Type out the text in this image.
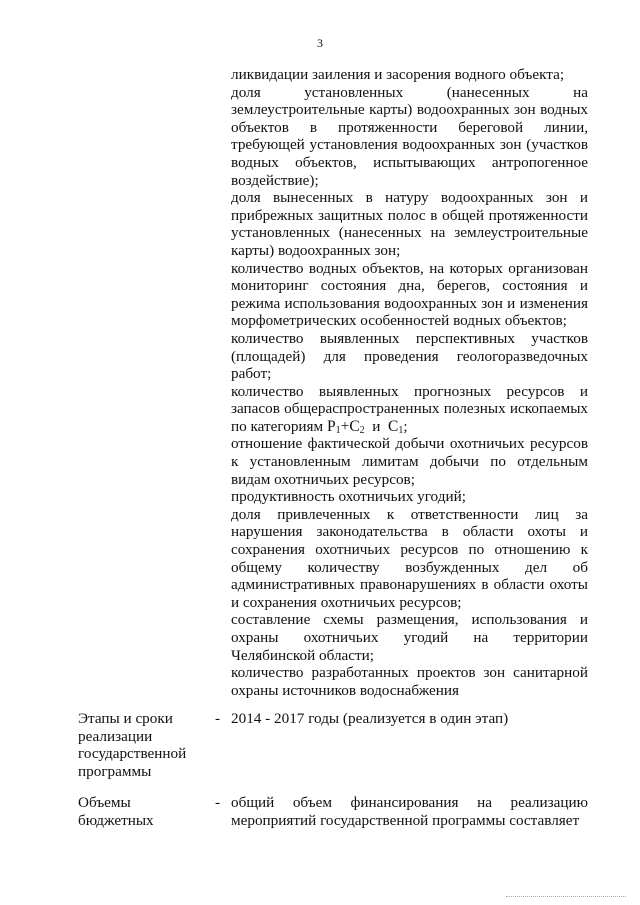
3

ликвидации заиления и засорения водного объекта;

доля установленных (нанесенных на землеустроительные карты) водоохранных зон водных объектов в протяженности береговой линии, требующей установления водоохранных зон (участков водных объектов, испытывающих антропогенное воздействие);

доля вынесенных в натуру водоохранных зон и прибрежных защитных полос в общей протяженности установленных (нанесенных на землеустроительные карты) водоохранных зон;

количество водных объектов, на которых организован мониторинг состояния дна, берегов, состояния и режима использования водоохранных зон и изменения морфометрических особенностей водных объектов;

количество выявленных перспективных участков (площадей) для проведения геологоразведочных работ;

количество выявленных прогнозных ресурсов и запасов общераспространенных полезных ископаемых по категориям $P_1+C_2$ и $C_1$;

отношение фактической добычи охотничьих ресурсов к установленным лимитам добычи по отдельным видам охотничьих ресурсов;

продуктивность охотничьих угодий;

доля привлеченных к ответственности лиц за нарушения законодательства в области охоты и сохранения охотничьих ресурсов по отношению к общему количеству возбужденных дел об административных правонарушениях в области охоты и сохранения охотничьих ресурсов;

составление схемы размещения, использования и охраны охотничьих угодий на территории Челябинской области;

количество разработанных проектов зон санитарной охраны источников водоснабжения

Этапы и сроки реализации государственной программы
- 2014 - 2017 годы (реализуется в один этап)
Объемы бюджетных
- общий объем финансирования на реализацию мероприятий государственной программы составляет
